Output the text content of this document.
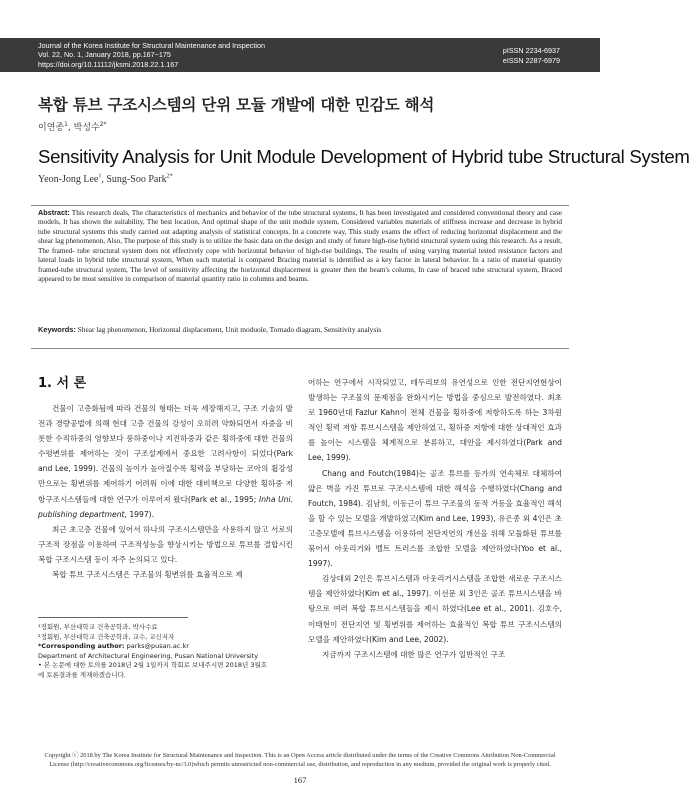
Journal of the Korea Institute for Structural Maintenance and Inspection
Vol. 22, No. 1, January 2018, pp.167~175
https://doi.org/10.11112/jksmi.2018.22.1.167
pISSN 2234-6937
eISSN 2287-6979
복합 튜브 구조시스템의 단위 모듈 개발에 대한 민감도 해석
이연종$^1$, 박성수$^{2*}$
Sensitivity Analysis for Unit Module Development of Hybrid tube Structural System
Yeon-Jong Lee$^1$, Sung-Soo Park$^{2*}$
Abstract: This research deals, The characteristics of mechanics and behavior of the tube structural systems, It has been investigated and considered conventional theory and case models, It has shown the suitability, The best location, And optimal shape of the unit module system, Considered variables materials of stiffness increase and decrease in hybrid tube structural systems this study carried out adapting analysis of statistical concepts. In a concrete way, This study exams the effect of reducing horizontal displacement and the shear lag phenomenon, Also, The purpose of this study is to utilize the basic data on the design and study of future high-rise hybrid structural system using this research. As a result, The framed- tube structural system does not effectively cope with horizontal behavior of high-rise buildings, The results of using varying material tested resistance factors and lateral loads in hybrid tube structural system, When each material is compared Bracing material is identified as a key factor in lateral behavior. In a ratio of material quantity framed-tube structural system, The level of sensitivity affecting the horizontal displacement is greater then the beam's column, In case of braced tube structural system, Braced appeared to be most sensitive in comparison of material quantity ratio in columns and beams.
Keywords: Shear lag phenomenon, Horizontal displacement, Unit moduole, Tornado diagram, Sensitivity analysis
1. 서 론

건물이 고층화됨에 따라 건물의 형태는 더욱 세장해지고, 구조 기술의 발전과 경량공법에 의해 현대 고층 건물의 강성이 오히려 약화되면서 자중을 비롯한 수직하중의 영향보다 풍하중이나 지진하중과 같은 횡하중에 대한 건물의 수평변위를 제어하는 것이 구조설계에서 중요한 고려사항이 되었다(Park and Lee, 1999). 건물의 높이가 높아질수록 횡력을 부담하는 코아의 휨강성 만으로는 횡변위를 제어하기 어려워 이에 대한 대비책으로 다양한 횡하중 저항구조시스템들에 대한 연구가 이루어져 왔다(Park et al., 1995; Inha Uni. publishing department, 1997).

최근 초고층 건물에 있어서 하나의 구조시스템만을 사용하지 않고 서로의 구조적 장점을 이용하여 구조적성능을 향상시키는 방법으로 튜브를 결합시킨 복합 구조시스템 등이 자주 논의되고 있다.

복합 튜브 구조시스템은 구조물의 횡변위를 효율적으로 제

어하는 연구에서 시작되었고, 테두리보의 유연성으로 인한 전단지연현상이 발생하는 구조물의 문제점을 완화시키는 방법을 중심으로 발전하였다. 최초로 1960년대 Fazlur Kahn이 전체 건물을 횡하중에 저항하도록 하는 3차원적인 횡력 저항 튜브시스템을 제안하였고, 횡하중 저항에 대한 상대적인 효과를 높이는 시스템을 체계적으로 분류하고, 대안을 제시하였다(Park and Lee, 1999).

Chang and Foutch(1984)는 골조 튜브를 등가의 연속체로 대체하여 얇은 벽을 가진 튜브로 구조시스템에 대한 해석을 수행하였다(Chang and Foutch, 1984). 김남희, 이동근이 튜브 구조물의 동적 거동을 효율적인 해석을 할 수 있는 모델을 개발하였고(Kim and Lee, 1993), 유은종 외 4인은 초고층모델에 튜브시스템을 이용하여 전단지연의 개선을 위해 모듈화된 튜브를 묶어서 아웃리거와 벨트 트러스를 조합한 모델을 제안하였다(Yoo et al., 1997).

김상대외 2인은 튜브시스템과 아웃리거시스템을 조합한 새로운 구조시스템을 제안하였다(Kim et al., 1997). 이선문 외 3인은 골조 튜브시스템을 바탕으로 여러 복합 튜브시스템들을 제시 하였다(Lee et al., 2001). 김호수, 이태현이 전단지연 및 횡변위를 제어하는 효율적인 복합 튜브 구조시스템의 모델을 제안하였다(Kim and Lee, 2002).

지금까지 구조시스템에 대한 많은 연구가 일반적인 구조

¹정회원, 부산대학교 건축공학과, 박사수료
²정회원, 부산대학교 건축공학과, 교수, 교신저자
*Corresponding author: parks@pusan.ac.kr
Department of Architectural Engineering, Pusan National University
• 본 논문에 대한 토의를 2018년 2월 1일까지 학회로 보내주시면 2018년 3월호
에 토론결과를 게재하겠습니다.
Copyright ⓒ 2018 by The Korea Institute for Structural Maintenance and Inspection. This is an Open Access article distributed under the terms of the Creative Commons Attribution Non-Commercial License (http://creativecommons.org/licenses/by-nc/3.0)which permits unrestricted non-commercial use, distribution, and reproduction in any medium, provided the original work is properly cited.
167
